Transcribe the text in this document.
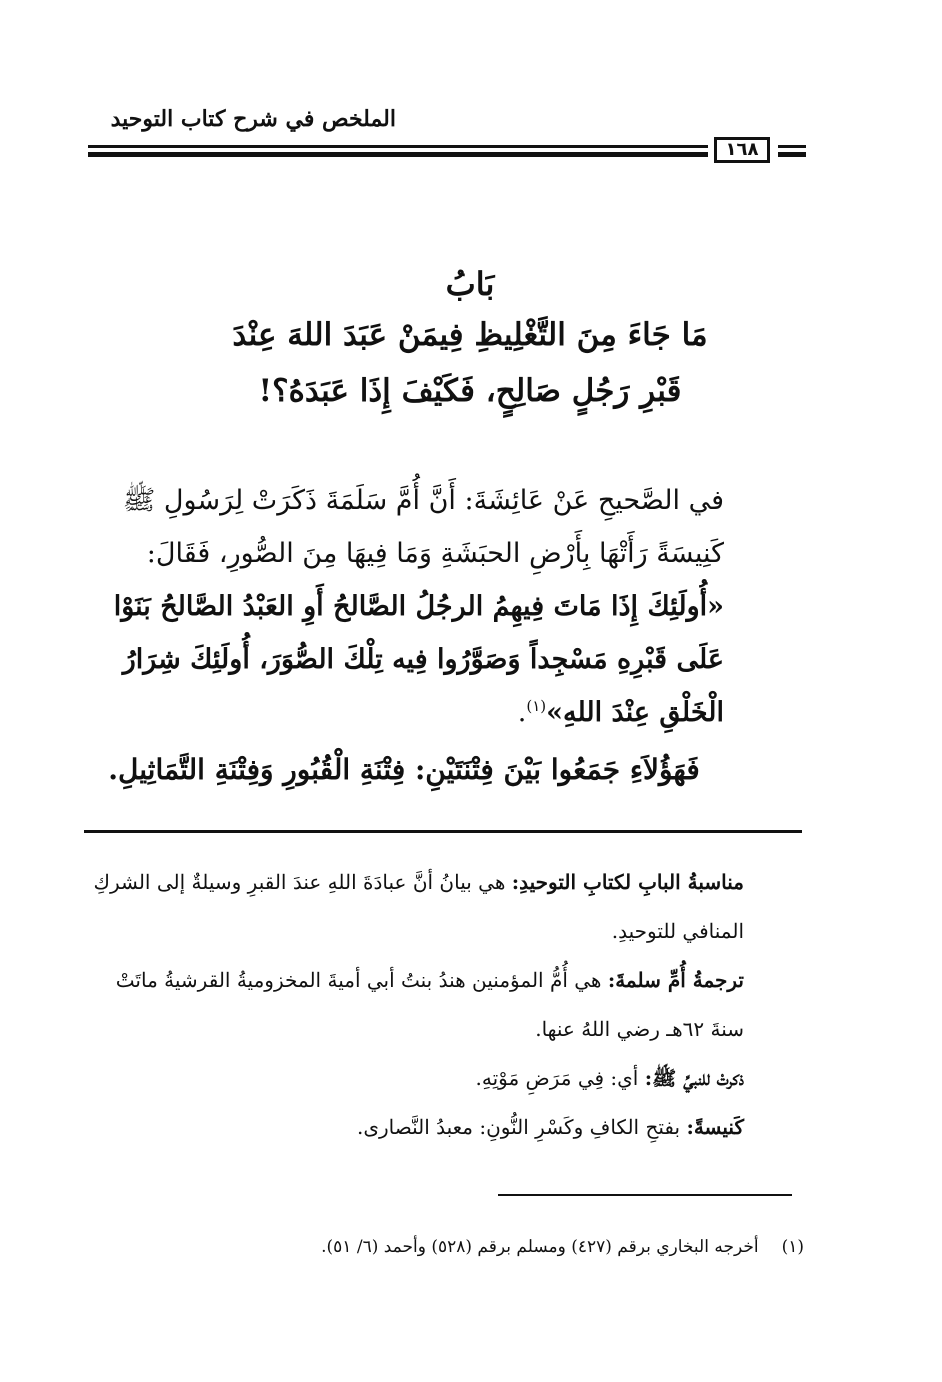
الملخص في شرح كتاب التوحيد
١٦٨
بَابُ
مَا جَاءَ مِنَ التَّغْلِيظِ فِيمَنْ عَبَدَ اللهَ عِنْدَ
قَبْرِ رَجُلٍ صَالِحٍ، فَكَيْفَ إِذَا عَبَدَهُ؟!
في الصَّحيحِ عَنْ عَائِشَةَ: أَنَّ أُمَّ سَلَمَةَ ذَكَرَتْ لِرَسُولِ ﷺ كَنِيسَةً رَأَتْهَا بِأَرْضِ الحبَشَةِ وَمَا فِيهَا مِنَ الصُّورِ، فَقَالَ: «أُولَئِكَ إِذَا مَاتَ فِيهِمُ الرجُلُ الصَّالحُ أَوِ العَبْدُ الصَّالحُ بَنَوْا عَلَى قَبْرِهِ مَسْجِداً وَصَوَّرُوا فِيه تِلْكَ الصُّوَرَ، أُولَئِكَ شِرَارُ الْخَلْقِ عِنْدَ اللهِ»$^{(١)}$.
فَهَؤُلاَءِ جَمَعُوا بَيْنَ فِتْنَتَيْنِ: فِتْنَةِ الْقُبُورِ وَفِتْنَةِ التَّمَاثِيلِ.
مناسبةُ البابِ لكتابِ التوحيدِ: هي بيانُ أنَّ عبادَةَ اللهِ عندَ القبرِ وسيلةٌ إلى الشركِ المنافي للتوحيدِ.
ترجمةُ أُمِّ سلمةَ: هي أُمُّ المؤمنين هندُ بنتُ أبي أميةَ المخزوميةُ القرشيةُ ماتَتْ سنةَ ٦٢هـ رضي اللهُ عنها.
ذكرتْ للنبيِّ ﷺ: أي: فِي مَرَضِ مَوْتِهِ.
كَنيسةً: بفتحِ الكافِ وكَسْرِ النُّونِ: معبدُ النَّصارى.
(١) أخرجه البخاري برقم (٤٢٧) ومسلم برقم (٥٢٨) وأحمد (٦/ ٥١).
